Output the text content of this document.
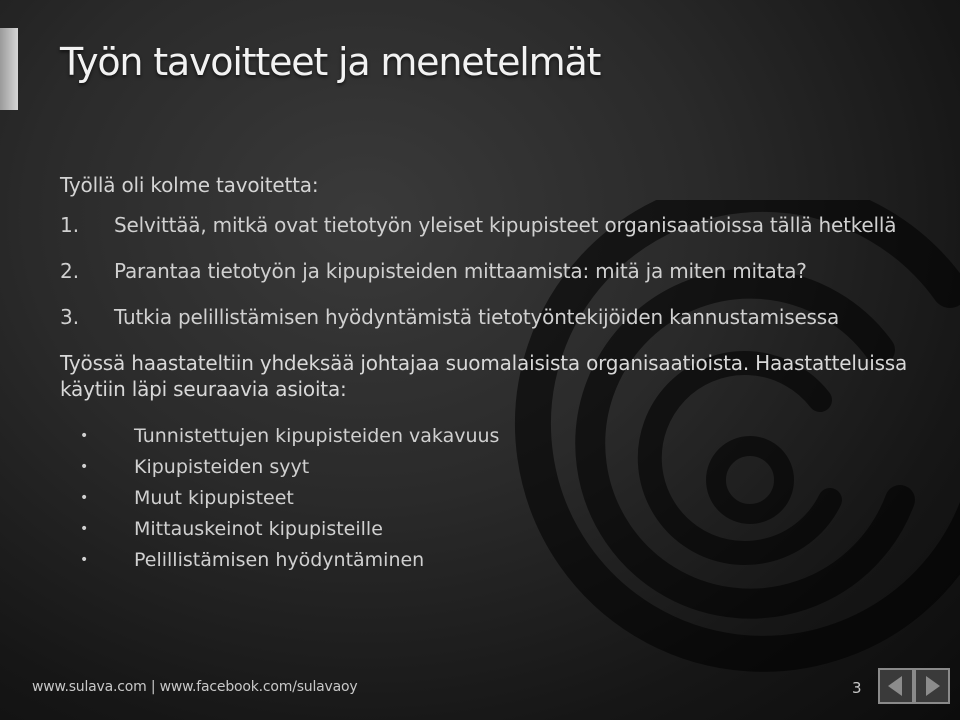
Työn tavoitteet ja menetelmät
Työllä oli kolme tavoitetta:
1.	Selvittää, mitkä ovat tietotyön yleiset kipupisteet organisaatioissa tällä hetkellä
2.	Parantaa tietotyön ja kipupisteiden mittaamista: mitä ja miten mitata?
3.	Tutkia pelillistämisen hyödyntämistä tietotyöntekijöiden kannustamisessa
Työssä haastateltiin yhdeksää johtajaa suomalaisista organisaatioista. Haastatteluissa käytiin läpi seuraavia asioita:
•	Tunnistettujen kipupisteiden vakavuus
•	Kipupisteiden syyt
•	Muut kipupisteet
•	Mittauskeinot kipupisteille
•	Pelillistämisen hyödyntäminen
www.sulava.com | www.facebook.com/sulavaoy	3
